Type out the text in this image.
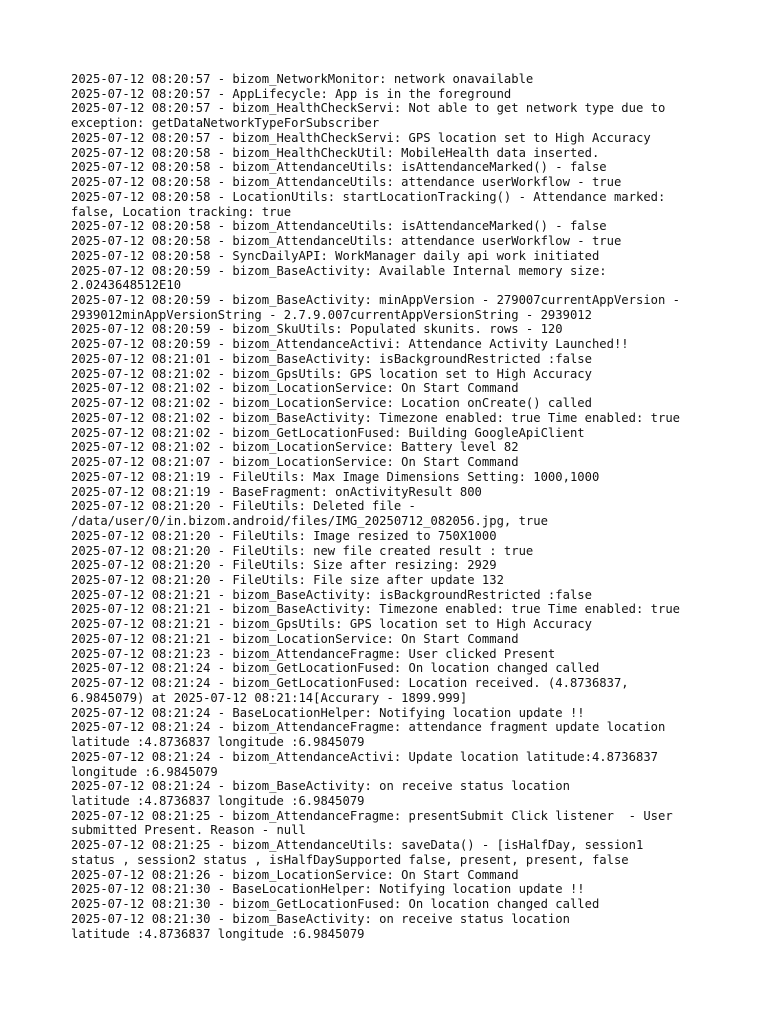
2025-07-12 08:20:57 - bizom_NetworkMonitor: network onavailable

2025-07-12 08:20:57 - AppLifecycle: App is in the foreground

2025-07-12 08:20:57 - bizom_HealthCheckServi: Not able to get network type due to

exception: getDataNetworkTypeForSubscriber

2025-07-12 08:20:57 - bizom_HealthCheckServi: GPS location set to High Accuracy

2025-07-12 08:20:58 - bizom_HealthCheckUtil: MobileHealth data inserted.

2025-07-12 08:20:58 - bizom_AttendanceUtils: isAttendanceMarked() - false

2025-07-12 08:20:58 - bizom_AttendanceUtils: attendance userWorkflow - true

2025-07-12 08:20:58 - LocationUtils: startLocationTracking() - Attendance marked:

false, Location tracking: true

2025-07-12 08:20:58 - bizom_AttendanceUtils: isAttendanceMarked() - false

2025-07-12 08:20:58 - bizom_AttendanceUtils: attendance userWorkflow - true

2025-07-12 08:20:58 - SyncDailyAPI: WorkManager daily api work initiated

2025-07-12 08:20:59 - bizom_BaseActivity: Available Internal memory size:

2.0243648512E10

2025-07-12 08:20:59 - bizom_BaseActivity: minAppVersion - 279007currentAppVersion -

2939012minAppVersionString - 2.7.9.007currentAppVersionString - 2939012

2025-07-12 08:20:59 - bizom_SkuUtils: Populated skunits. rows - 120

2025-07-12 08:20:59 - bizom_AttendanceActivi: Attendance Activity Launched!!

2025-07-12 08:21:01 - bizom_BaseActivity: isBackgroundRestricted :false

2025-07-12 08:21:02 - bizom_GpsUtils: GPS location set to High Accuracy

2025-07-12 08:21:02 - bizom_LocationService: On Start Command

2025-07-12 08:21:02 - bizom_LocationService: Location onCreate() called

2025-07-12 08:21:02 - bizom_BaseActivity: Timezone enabled: true Time enabled: true

2025-07-12 08:21:02 - bizom_GetLocationFused: Building GoogleApiClient

2025-07-12 08:21:02 - bizom_LocationService: Battery level 82

2025-07-12 08:21:07 - bizom_LocationService: On Start Command

2025-07-12 08:21:19 - FileUtils: Max Image Dimensions Setting: 1000,1000

2025-07-12 08:21:19 - BaseFragment: onActivityResult 800

2025-07-12 08:21:20 - FileUtils: Deleted file -

/data/user/0/in.bizom.android/files/IMG_20250712_082056.jpg, true

2025-07-12 08:21:20 - FileUtils: Image resized to 750X1000

2025-07-12 08:21:20 - FileUtils: new file created result : true

2025-07-12 08:21:20 - FileUtils: Size after resizing: 2929

2025-07-12 08:21:20 - FileUtils: File size after update 132

2025-07-12 08:21:21 - bizom_BaseActivity: isBackgroundRestricted :false

2025-07-12 08:21:21 - bizom_BaseActivity: Timezone enabled: true Time enabled: true

2025-07-12 08:21:21 - bizom_GpsUtils: GPS location set to High Accuracy

2025-07-12 08:21:21 - bizom_LocationService: On Start Command

2025-07-12 08:21:23 - bizom_AttendanceFragme: User clicked Present

2025-07-12 08:21:24 - bizom_GetLocationFused: On location changed called

2025-07-12 08:21:24 - bizom_GetLocationFused: Location received. (4.8736837,

6.9845079) at 2025-07-12 08:21:14[Accurary - 1899.999]

2025-07-12 08:21:24 - BaseLocationHelper: Notifying location update !!

2025-07-12 08:21:24 - bizom_AttendanceFragme: attendance fragment update location

latitude :4.8736837 longitude :6.9845079

2025-07-12 08:21:24 - bizom_AttendanceActivi: Update location latitude:4.8736837

longitude :6.9845079

2025-07-12 08:21:24 - bizom_BaseActivity: on receive status location

latitude :4.8736837 longitude :6.9845079

2025-07-12 08:21:25 - bizom_AttendanceFragme: presentSubmit Click listener  - User

submitted Present. Reason - null

2025-07-12 08:21:25 - bizom_AttendanceUtils: saveData() - [isHalfDay, session1

status , session2 status , isHalfDaySupported false, present, present, false

2025-07-12 08:21:26 - bizom_LocationService: On Start Command

2025-07-12 08:21:30 - BaseLocationHelper: Notifying location update !!

2025-07-12 08:21:30 - bizom_GetLocationFused: On location changed called

2025-07-12 08:21:30 - bizom_BaseActivity: on receive status location

latitude :4.8736837 longitude :6.9845079
